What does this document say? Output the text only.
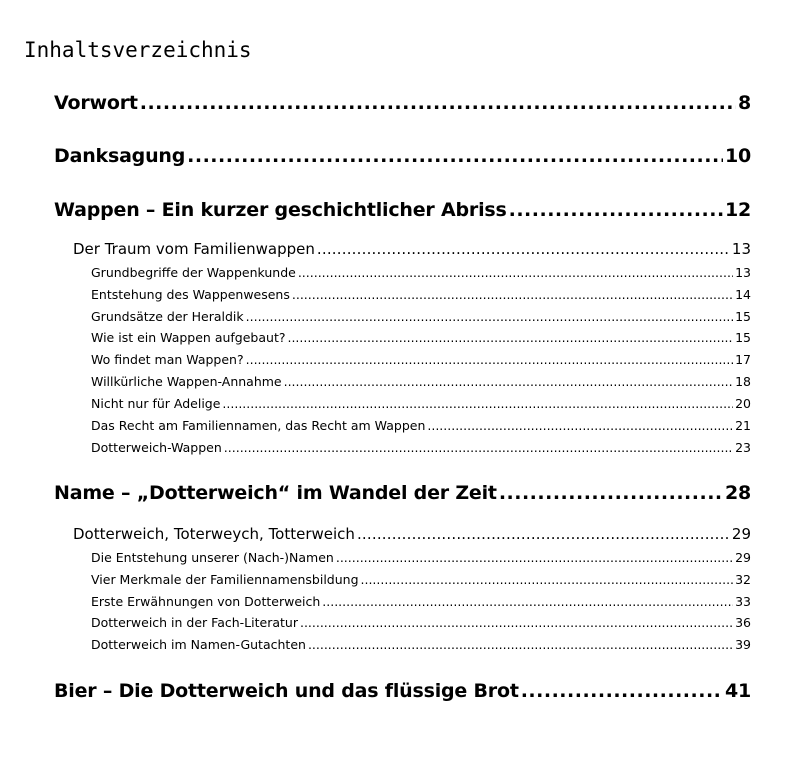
Inhaltsverzeichnis
Vorwort .....	8
Danksagung .....	10
Wappen – Ein kurzer geschichtlicher Abriss .....	12
Der Traum vom Familienwappen .....	13
Grundbegriffe der Wappenkunde .....	13
Entstehung des Wappenwesens .....	14
Grundsätze der Heraldik .....	15
Wie ist ein Wappen aufgebaut? .....	15
Wo findet man Wappen? .....	17
Willkürliche Wappen-Annahme .....	18
Nicht nur für Adelige .....	20
Das Recht am Familiennamen, das Recht am Wappen .....	21
Dotterweich-Wappen .....	23
Name – „Dotterweich“ im Wandel der Zeit .....	28
Dotterweich, Toterweych, Totterweich .....	29
Die Entstehung unserer (Nach-)Namen .....	29
Vier Merkmale der Familiennamensbildung .....	32
Erste Erwähnungen von Dotterweich .....	33
Dotterweich in der Fach-Literatur .....	36
Dotterweich im Namen-Gutachten .....	39
Bier – Die Dotterweich und das flüssige Brot .....	41
